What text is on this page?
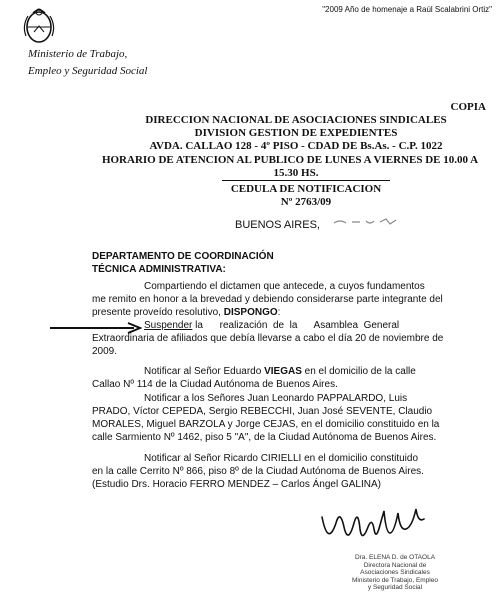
Ministerio de Trabajo,
Empleo y Seguridad Social
"2009 Año de homenaje a Raúl Scalabrini Ortiz"
COPIA
DIRECCION NACIONAL DE ASOCIACIONES SINDICALES
DIVISION GESTION DE EXPEDIENTES
AVDA. CALLAO 128 - 4º PISO - CDAD DE Bs.As. - C.P. 1022
HORARIO DE ATENCION AL PUBLICO DE LUNES A VIERNES DE 10.00 A
15.30 HS.
CEDULA DE NOTIFICACION
Nº 2763/09
BUENOS AIRES,
DEPARTAMENTO DE COORDINACIÓN
TÉCNICA ADMINISTRATIVA:
Compartiendo el dictamen que antecede, a cuyos fundamentos
me remito en honor a la brevedad y debiendo considerarse parte integrante del
presente proveído resolutivo, DISPONGO:
Suspender la      realización  de  la      Asamblea  General
Extraordinaria de afiliados que debía llevarse a cabo el día 20 de noviembre de
2009.
Notificar al Señor Eduardo VIEGAS en el domicilio de la calle
Callao Nº 114 de la Ciudad Autónoma de Buenos Aires.
Notificar a los Señores Juan Leonardo PAPPALARDO, Luis
PRADO, Víctor CEPEDA, Sergio REBECCHI, Juan José SEVENTE, Claudio
MORALES, Miguel BARZOLA y Jorge CEJAS, en el domicilio constituido en la
calle Sarmiento Nº 1462, piso 5 "A", de la Ciudad Autónoma de Buenos Aires.
Notificar al Señor Ricardo CIRIELLI en el domicilio constituido
en la calle Cerrito Nº 866, piso 8º de la Ciudad Autónoma de Buenos Aires.
(Estudio Drs. Horacio FERRO MENDEZ – Carlos Ángel GALINA)
Dra. ELENA D. de OTAOLA
Directora Nacional de
Asociaciones Sindicales
Ministerio de Trabajo, Empleo
y Seguridad Social
